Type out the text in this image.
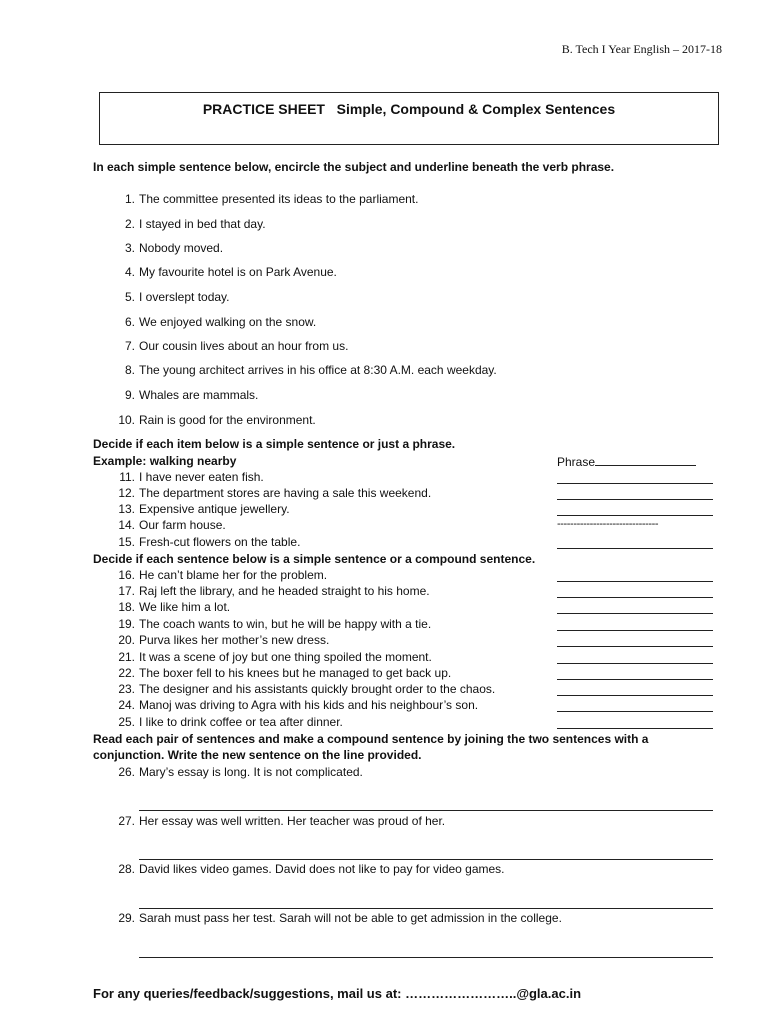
B. Tech I Year English – 2017-18
PRACTICE SHEET   Simple, Compound & Complex Sentences
In each simple sentence below, encircle the subject and underline beneath the verb phrase.
1. The committee presented its ideas to the parliament.
2. I stayed in bed that day.
3. Nobody moved.
4. My favourite hotel is on Park Avenue.
5. I overslept today.
6. We enjoyed walking on the snow.
7. Our cousin lives about an hour from us.
8. The young architect arrives in his office at 8:30 A.M. each weekday.
9. Whales are mammals.
10. Rain is good for the environment.
Decide if each item below is a simple sentence or just a phrase.
Example: walking nearby	Phrase
11. I have never eaten fish.
12. The department stores are having a sale this weekend.
13. Expensive antique jewellery.
14. Our farm house.	-------------------------------
15. Fresh-cut flowers on the table.
Decide if each sentence below is a simple sentence or a compound sentence.
16. He can’t blame her for the problem.
17. Raj left the library, and he headed straight to his home.
18. We like him a lot.
19. The coach wants to win, but he will be happy with a tie.
20. Purva likes her mother’s new dress.
21. It was a scene of joy but one thing spoiled the moment.
22. The boxer fell to his knees but he managed to get back up.
23. The designer and his assistants quickly brought order to the chaos.
24. Manoj was driving to Agra with his kids and his neighbour’s son.
25. I like to drink coffee or tea after dinner.
Read each pair of sentences and make a compound sentence by joining the two sentences with a
conjunction. Write the new sentence on the line provided.
26. Mary’s essay is long. It is not complicated.
27. Her essay was well written. Her teacher was proud of her.
28. David likes video games. David does not like to pay for video games.
29. Sarah must pass her test. Sarah will not be able to get admission in the college.
For any queries/feedback/suggestions, mail us at: ……………………..@gla.ac.in
